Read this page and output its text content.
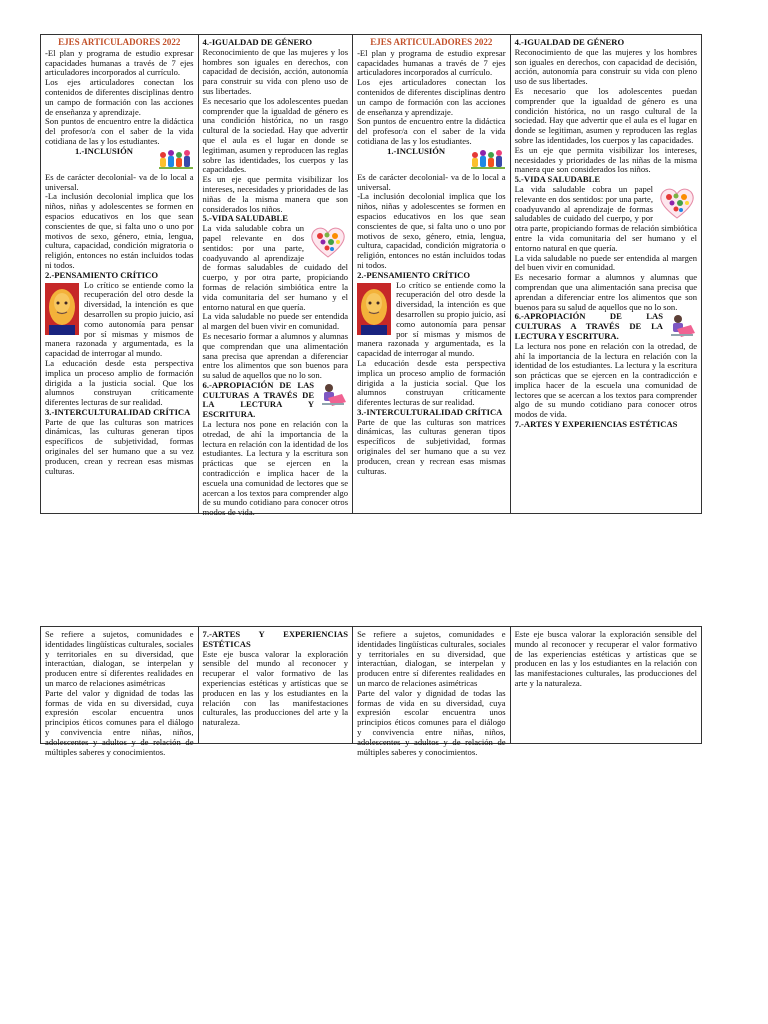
EJES ARTICULADORES 2022

-El plan y programa de estudio expresar capacidades humanas a través de 7 ejes articuladores incorporados al currículo.

Los ejes articuladores conectan los contenidos de diferentes disciplinas dentro un campo de formación con las acciones de enseñanza y aprendizaje.

Son puntos de encuentro entre la didáctica del profesor/a con el saber de la vida cotidiana de las y los estudiantes.

1.-INCLUSIÓN

Es de carácter decolonial- va de lo local a universal.

-La inclusión decolonial implica que los niños, niñas y adolescentes se formen en espacios educativos en los que sean conscientes de que, si falta uno o uno por motivos de sexo, género, etnia, lengua, cultura, capacidad, condición migratoria o religión, entonces no están incluidos todas ni todos.

2.-PENSAMIENTO CRÍTICO

Lo crítico se entiende como la recuperación del otro desde la diversidad, la intención es que desarrollen su propio juicio, así como autonomía para pensar por sí mismas y mismos de manera razonada y argumentada, es la capacidad de interrogar al mundo.

La educación desde esta perspectiva implica un proceso amplio de formación dirigida a la justicia social. Que los alumnos construyan críticamente diferentes lecturas de sur realidad.

3.-INTERCULTURALIDAD CRÍTICA

Parte de que las culturas son matrices dinámicas, las culturas generan tipos específicos de subjetividad, formas originales del ser humano que a su vez producen, crean y recrean esas mismas culturas.

4.-IGUALDAD DE GÉNERO

Reconocimiento de que las mujeres y los hombres son iguales en derechos, con capacidad de decisión, acción, autonomía para construir su vida con pleno uso de sus libertades.

Es necesario que los adolescentes puedan comprender que la igualdad de género es una condición histórica, no un rasgo cultural de la sociedad. Hay que advertir que el aula es el lugar en donde se legitiman, asumen y reproducen las reglas sobre las identidades, los cuerpos y las capacidades.

Es un eje que permita visibilizar los intereses, necesidades y prioridades de las niñas de la misma manera que son considerados los niños.

5.-VIDA SALUDABLE

La vida saludable cobra un papel relevante en dos sentidos: por una parte, coadyuvando al aprendizaje de formas saludables de cuidado del cuerpo, y por otra parte, propiciando formas de relación simbiótica entre la vida comunitaria del ser humano y el entorno natural en que quería.

La vida saludable no puede ser entendida al margen del buen vivir en comunidad.

Es necesario formar a alumnos y alumnas que comprendan que una alimentación sana precisa que aprendan a diferenciar entre los alimentos que son buenos para su salud de aquellos que no lo son.

6.-APROPIACIÓN DE LAS CULTURAS A TRAVÉS DE LA LECTURA Y ESCRITURA.

La lectura nos pone en relación con la otredad, de ahí la importancia de la lectura en relación con la identidad de los estudiantes. La lectura y la escritura son prácticas que se ejercen en la contradicción e implica hacer de la escuela una comunidad de lectores que se acercan a los textos para comprender algo de su mundo cotidiano para conocer otros modos de vida.

EJES ARTICULADORES 2022

-El plan y programa de estudio expresar capacidades humanas a través de 7 ejes articuladores incorporados al currículo.

Los ejes articuladores conectan los contenidos de diferentes disciplinas dentro un campo de formación con las acciones de enseñanza y aprendizaje.

Son puntos de encuentro entre la didáctica del profesor/a con el saber de la vida cotidiana de las y los estudiantes.

1.-INCLUSIÓN

Es de carácter decolonial- va de lo local a universal.

-La inclusión decolonial implica que los niños, niñas y adolescentes se formen en espacios educativos en los que sean conscientes de que, si falta uno o uno por motivos de sexo, género, etnia, lengua, cultura, capacidad, condición migratoria o religión, entonces no están incluidos todas ni todos.

2.-PENSAMIENTO CRÍTICO

Lo crítico se entiende como la recuperación del otro desde la diversidad, la intención es que desarrollen su propio juicio, así como autonomía para pensar por sí mismas y mismos de manera razonada y argumentada, es la capacidad de interrogar al mundo.

La educación desde esta perspectiva implica un proceso amplio de formación dirigida a la justicia social. Que los alumnos construyan críticamente diferentes lecturas de sur realidad.

3.-INTERCULTURALIDAD CRÍTICA

Parte de que las culturas son matrices dinámicas, las culturas generan tipos específicos de subjetividad, formas originales del ser humano que a su vez producen, crean y recrean esas mismas culturas.

4.-IGUALDAD DE GÉNERO

Reconocimiento de que las mujeres y los hombres son iguales en derechos, con capacidad de decisión, acción, autonomía para construir su vida con pleno uso de sus libertades.

Es necesario que los adolescentes puedan comprender que la igualdad de género es una condición histórica, no un rasgo cultural de la sociedad. Hay que advertir que el aula es el lugar en donde se legitiman, asumen y reproducen las reglas sobre las identidades, los cuerpos y las capacidades.

Es un eje que permita visibilizar los intereses, necesidades y prioridades de las niñas de la misma manera que son considerados los niños.

5.-VIDA SALUDABLE

La vida saludable cobra un papel relevante en dos sentidos: por una parte, coadyuvando al aprendizaje de formas saludables de cuidado del cuerpo, y por otra parte, propiciando formas de relación simbiótica entre la vida comunitaria del ser humano y el entorno natural en que quería.

La vida saludable no puede ser entendida al margen del buen vivir en comunidad.

Es necesario formar a alumnos y alumnas que comprendan que una alimentación sana precisa que aprendan a diferenciar entre los alimentos que son buenos para su salud de aquellos que no lo son.

6.-APROPIACIÓN DE LAS CULTURAS A TRAVÉS DE LA LECTURA Y ESCRITURA.

La lectura nos pone en relación con la otredad, de ahí la importancia de la lectura en relación con la identidad de los estudiantes. La lectura y la escritura son prácticas que se ejercen en la contradicción e implica hacer de la escuela una comunidad de lectores que se acercan a los textos para comprender algo de su mundo cotidiano para conocer otros modos de vida.

7.-ARTES Y EXPERIENCIAS ESTÉTICAS

Se refiere a sujetos, comunidades e identidades lingüísticas culturales, sociales y territoriales en su diversidad, que interactúan, dialogan, se interpelan y producen entre sí diferentes realidades en un marco de relaciones asimétricas

Parte del valor y dignidad de todas las formas de vida en su diversidad, cuya expresión escolar encuentra unos principios éticos comunes para el diálogo y convivencia entre niñas, niños, adolescentes y adultos y de relación de múltiples saberes y conocimientos.

7.-ARTES Y EXPERIENCIAS ESTÉTICAS

Este eje busca valorar la exploración sensible del mundo al reconocer y recuperar el valor formativo de las experiencias estéticas y artísticas que se producen en las y los estudiantes en la relación con las manifestaciones culturales, las producciones del arte y la naturaleza.

Se refiere a sujetos, comunidades e identidades lingüísticas culturales, sociales y territoriales en su diversidad, que interactúan, dialogan, se interpelan y producen entre sí diferentes realidades en un marco de relaciones asimétricas

Parte del valor y dignidad de todas las formas de vida en su diversidad, cuya expresión escolar encuentra unos principios éticos comunes para el diálogo y convivencia entre niñas, niños, adolescentes y adultos y de relación de múltiples saberes y conocimientos.

Este eje busca valorar la exploración sensible del mundo al reconocer y recuperar el valor formativo de las experiencias estéticas y artísticas que se producen en las y los estudiantes en la relación con las manifestaciones culturales, las producciones del arte y la naturaleza.
